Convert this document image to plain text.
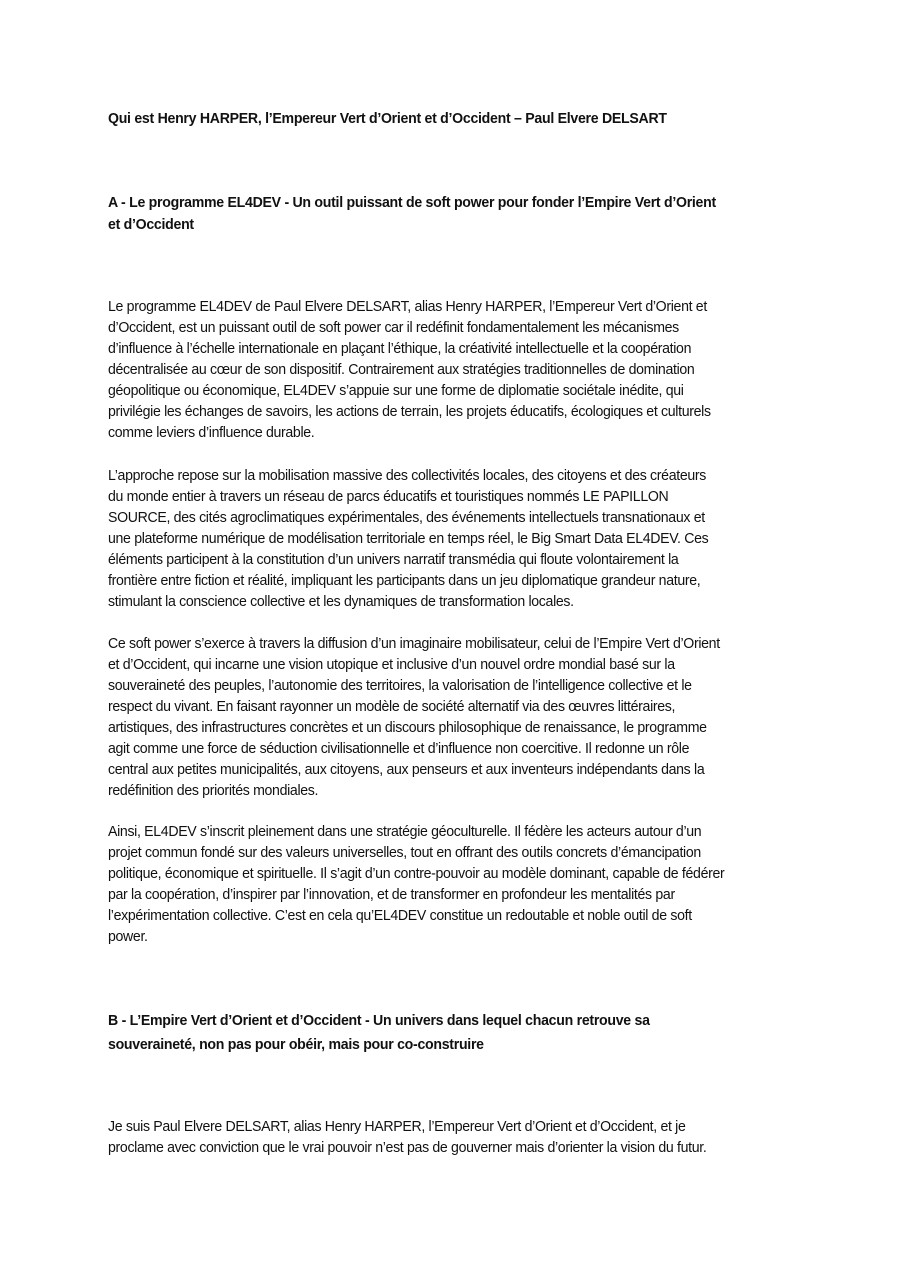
Qui est Henry HARPER, l’Empereur Vert d’Orient et d’Occident – Paul Elvere DELSART
A - Le programme EL4DEV - Un outil puissant de soft power pour fonder l’Empire Vert d’Orient
et d’Occident
Le programme EL4DEV de Paul Elvere DELSART, alias Henry HARPER, l’Empereur Vert d’Orient et
d’Occident, est un puissant outil de soft power car il redéfinit fondamentalement les mécanismes
d’influence à l’échelle internationale en plaçant l’éthique, la créativité intellectuelle et la coopération
décentralisée au cœur de son dispositif. Contrairement aux stratégies traditionnelles de domination
géopolitique ou économique, EL4DEV s’appuie sur une forme de diplomatie sociétale inédite, qui
privilégie les échanges de savoirs, les actions de terrain, les projets éducatifs, écologiques et culturels
comme leviers d’influence durable.
L’approche repose sur la mobilisation massive des collectivités locales, des citoyens et des créateurs
du monde entier à travers un réseau de parcs éducatifs et touristiques nommés LE PAPILLON
SOURCE, des cités agroclimatiques expérimentales, des événements intellectuels transnationaux et
une plateforme numérique de modélisation territoriale en temps réel, le Big Smart Data EL4DEV. Ces
éléments participent à la constitution d’un univers narratif transmédia qui floute volontairement la
frontière entre fiction et réalité, impliquant les participants dans un jeu diplomatique grandeur nature,
stimulant la conscience collective et les dynamiques de transformation locales.
Ce soft power s’exerce à travers la diffusion d’un imaginaire mobilisateur, celui de l’Empire Vert d’Orient
et d’Occident, qui incarne une vision utopique et inclusive d’un nouvel ordre mondial basé sur la
souveraineté des peuples, l’autonomie des territoires, la valorisation de l’intelligence collective et le
respect du vivant. En faisant rayonner un modèle de société alternatif via des œuvres littéraires,
artistiques, des infrastructures concrètes et un discours philosophique de renaissance, le programme
agit comme une force de séduction civilisationnelle et d’influence non coercitive. Il redonne un rôle
central aux petites municipalités, aux citoyens, aux penseurs et aux inventeurs indépendants dans la
redéfinition des priorités mondiales.
Ainsi, EL4DEV s’inscrit pleinement dans une stratégie géoculturelle. Il fédère les acteurs autour d’un
projet commun fondé sur des valeurs universelles, tout en offrant des outils concrets d’émancipation
politique, économique et spirituelle. Il s’agit d’un contre-pouvoir au modèle dominant, capable de fédérer
par la coopération, d’inspirer par l’innovation, et de transformer en profondeur les mentalités par
l’expérimentation collective. C’est en cela qu’EL4DEV constitue un redoutable et noble outil de soft
power.
B - L’Empire Vert d’Orient et d’Occident - Un univers dans lequel chacun retrouve sa
souveraineté, non pas pour obéir, mais pour co-construire
Je suis Paul Elvere DELSART, alias Henry HARPER, l’Empereur Vert d’Orient et d’Occident, et je
proclame avec conviction que le vrai pouvoir n’est pas de gouverner mais d’orienter la vision du futur.
